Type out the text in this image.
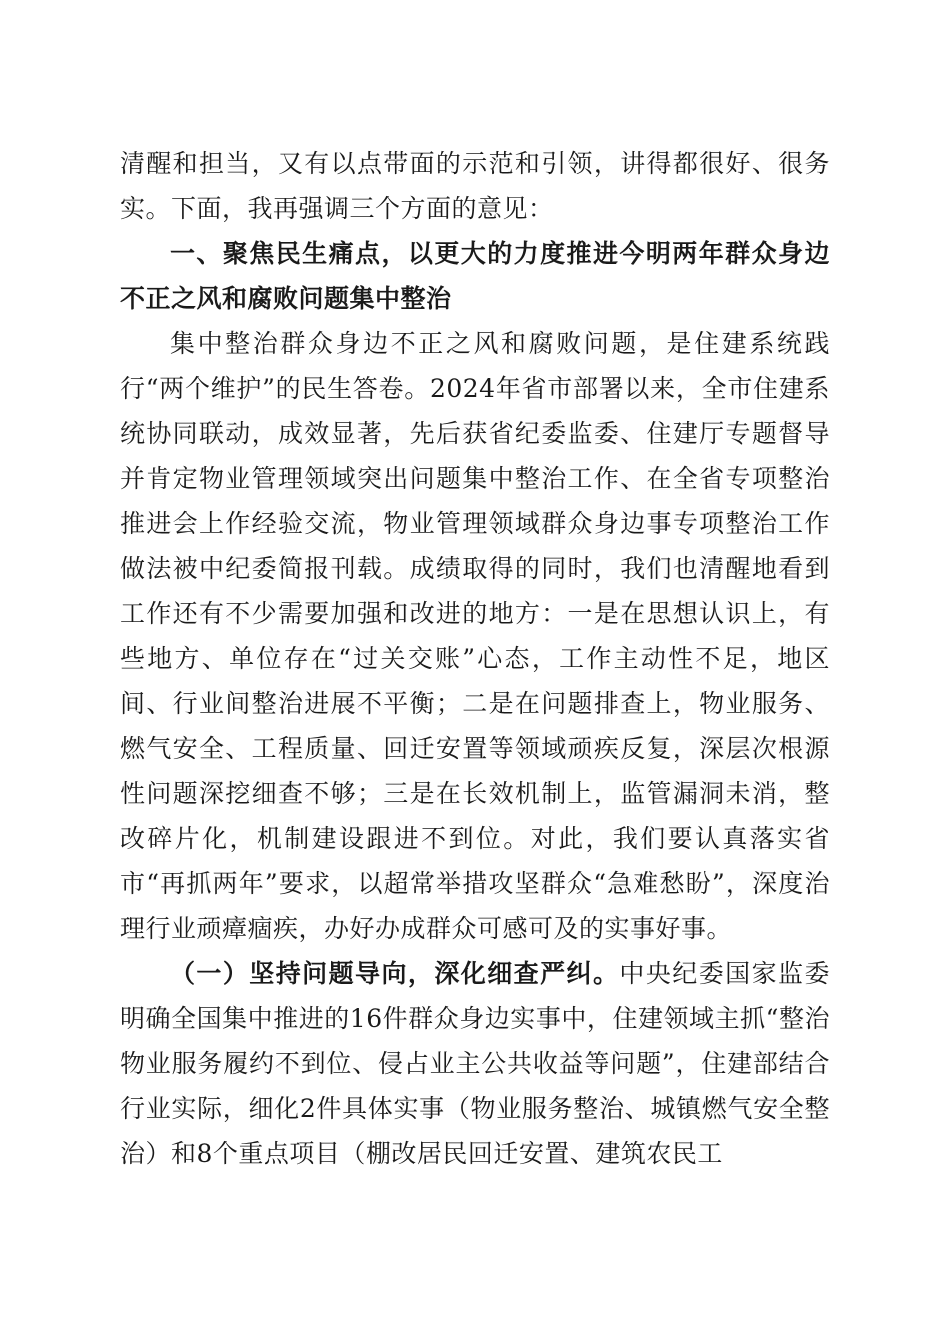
清醒和担当，又有以点带面的示范和引领，讲得都很好、很务实。下面，我再强调三个方面的意见：

一、聚焦民生痛点，以更大的力度推进今明两年群众身边不正之风和腐败问题集中整治

集中整治群众身边不正之风和腐败问题，是住建系统践行“两个维护”的民生答卷。2024年省市部署以来，全市住建系统协同联动，成效显著，先后获省纪委监委、住建厅专题督导并肯定物业管理领域突出问题集中整治工作、在全省专项整治推进会上作经验交流，物业管理领域群众身边事专项整治工作做法被中纪委简报刊载。成绩取得的同时，我们也清醒地看到工作还有不少需要加强和改进的地方：一是在思想认识上，有些地方、单位存在“过关交账”心态，工作主动性不足，地区间、行业间整治进展不平衡；二是在问题排查上，物业服务、燃气安全、工程质量、回迁安置等领域顽疾反复，深层次根源性问题深挖细查不够；三是在长效机制上，监管漏洞未消，整改碎片化，机制建设跟进不到位。对此，我们要认真落实省市“再抓两年”要求，以超常举措攻坚群众“急难愁盼”，深度治理行业顽瘴痼疾，办好办成群众可感可及的实事好事。

（一）坚持问题导向，深化细查严纠。中央纪委国家监委明确全国集中推进的16件群众身边实事中，住建领域主抓“整治物业服务履约不到位、侵占业主公共收益等问题”，住建部结合行业实际，细化2件具体实事（物业服务整治、城镇燃气安全整治）和8个重点项目（棚改居民回迁安置、建筑农民工
